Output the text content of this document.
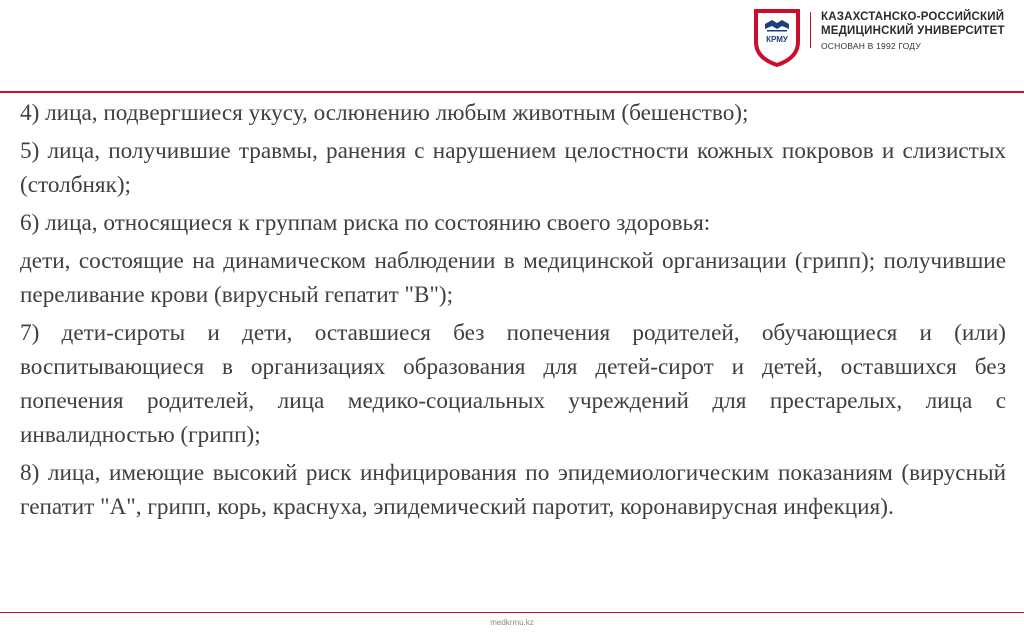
КРМУ
КАЗАХСТАНСКО-РОССИЙСКИЙ
МЕДИЦИНСКИЙ УНИВЕРСИТЕТ
ОСНОВАН В 1992 ГОДУ

4) лица, подвергшиеся укусу, ослюнению любым животным (бешенство);

5) лица, получившие травмы, ранения с нарушением целостности кожных покровов и слизистых (столбняк);

6) лица, относящиеся к группам риска по состоянию своего здоровья:

дети, состоящие на динамическом наблюдении в медицинской организации (грипп); получившие переливание крови (вирусный гепатит "В");

7) дети-сироты и дети, оставшиеся без попечения родителей, обучающиеся и (или) воспитывающиеся в организациях образования для детей-сирот и детей, оставшихся без попечения родителей, лица медико-социальных учреждений для престарелых, лица с инвалидностью (грипп);

8) лица, имеющие высокий риск инфицирования по эпидемиологическим показаниям (вирусный гепатит "А", грипп, корь, краснуха, эпидемический паротит, коронавирусная инфекция).

medkrmu.kz
